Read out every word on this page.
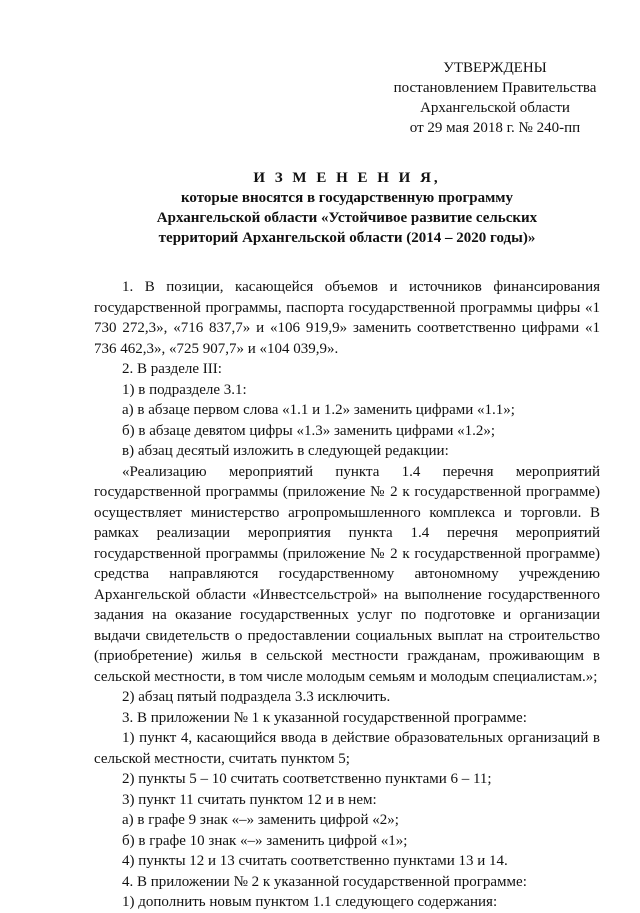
УТВЕРЖДЕНЫ
постановлением Правительства
Архангельской области
от 29 мая 2018 г. № 240-пп
И З М Е Н Е Н И Я,
которые вносятся в государственную программу
Архангельской области «Устойчивое развитие сельских
территорий Архангельской области (2014 – 2020 годы)»
1. В позиции, касающейся объемов и источников финансирования государственной программы, паспорта государственной программы цифры «1 730 272,3», «716 837,7» и «106 919,9» заменить соответственно цифрами «1 736 462,3», «725 907,7» и «104 039,9».
2. В разделе III:
1) в подразделе 3.1:
а) в абзаце первом слова «1.1 и 1.2» заменить цифрами «1.1»;
б) в абзаце девятом цифры «1.3» заменить цифрами «1.2»;
в) абзац десятый изложить в следующей редакции:
«Реализацию мероприятий пункта 1.4 перечня мероприятий государственной программы (приложение № 2 к государственной программе) осуществляет министерство агропромышленного комплекса и торговли. В рамках реализации мероприятия пункта 1.4 перечня мероприятий государственной программы (приложение № 2 к государственной программе) средства направляются государственному автономному учреждению Архангельской области «Инвестсельстрой» на выполнение государственного задания на оказание государственных услуг по подготовке и организации выдачи свидетельств о предоставлении социальных выплат на строительство (приобретение) жилья в сельской местности гражданам, проживающим в сельской местности, в том числе молодым семьям и молодым специалистам.»;
2) абзац пятый подраздела 3.3 исключить.
3. В приложении № 1 к указанной государственной программе:
1) пункт 4, касающийся ввода в действие образовательных организаций в сельской местности, считать пунктом 5;
2) пункты 5 – 10 считать соответственно пунктами 6 – 11;
3) пункт 11 считать пунктом 12 и в нем:
а) в графе 9 знак «–» заменить цифрой «2»;
б) в графе 10 знак «–» заменить цифрой «1»;
4) пункты 12 и 13 считать соответственно пунктами 13 и 14.
4. В приложении № 2 к указанной государственной программе:
1) дополнить новым пунктом 1.1 следующего содержания:
